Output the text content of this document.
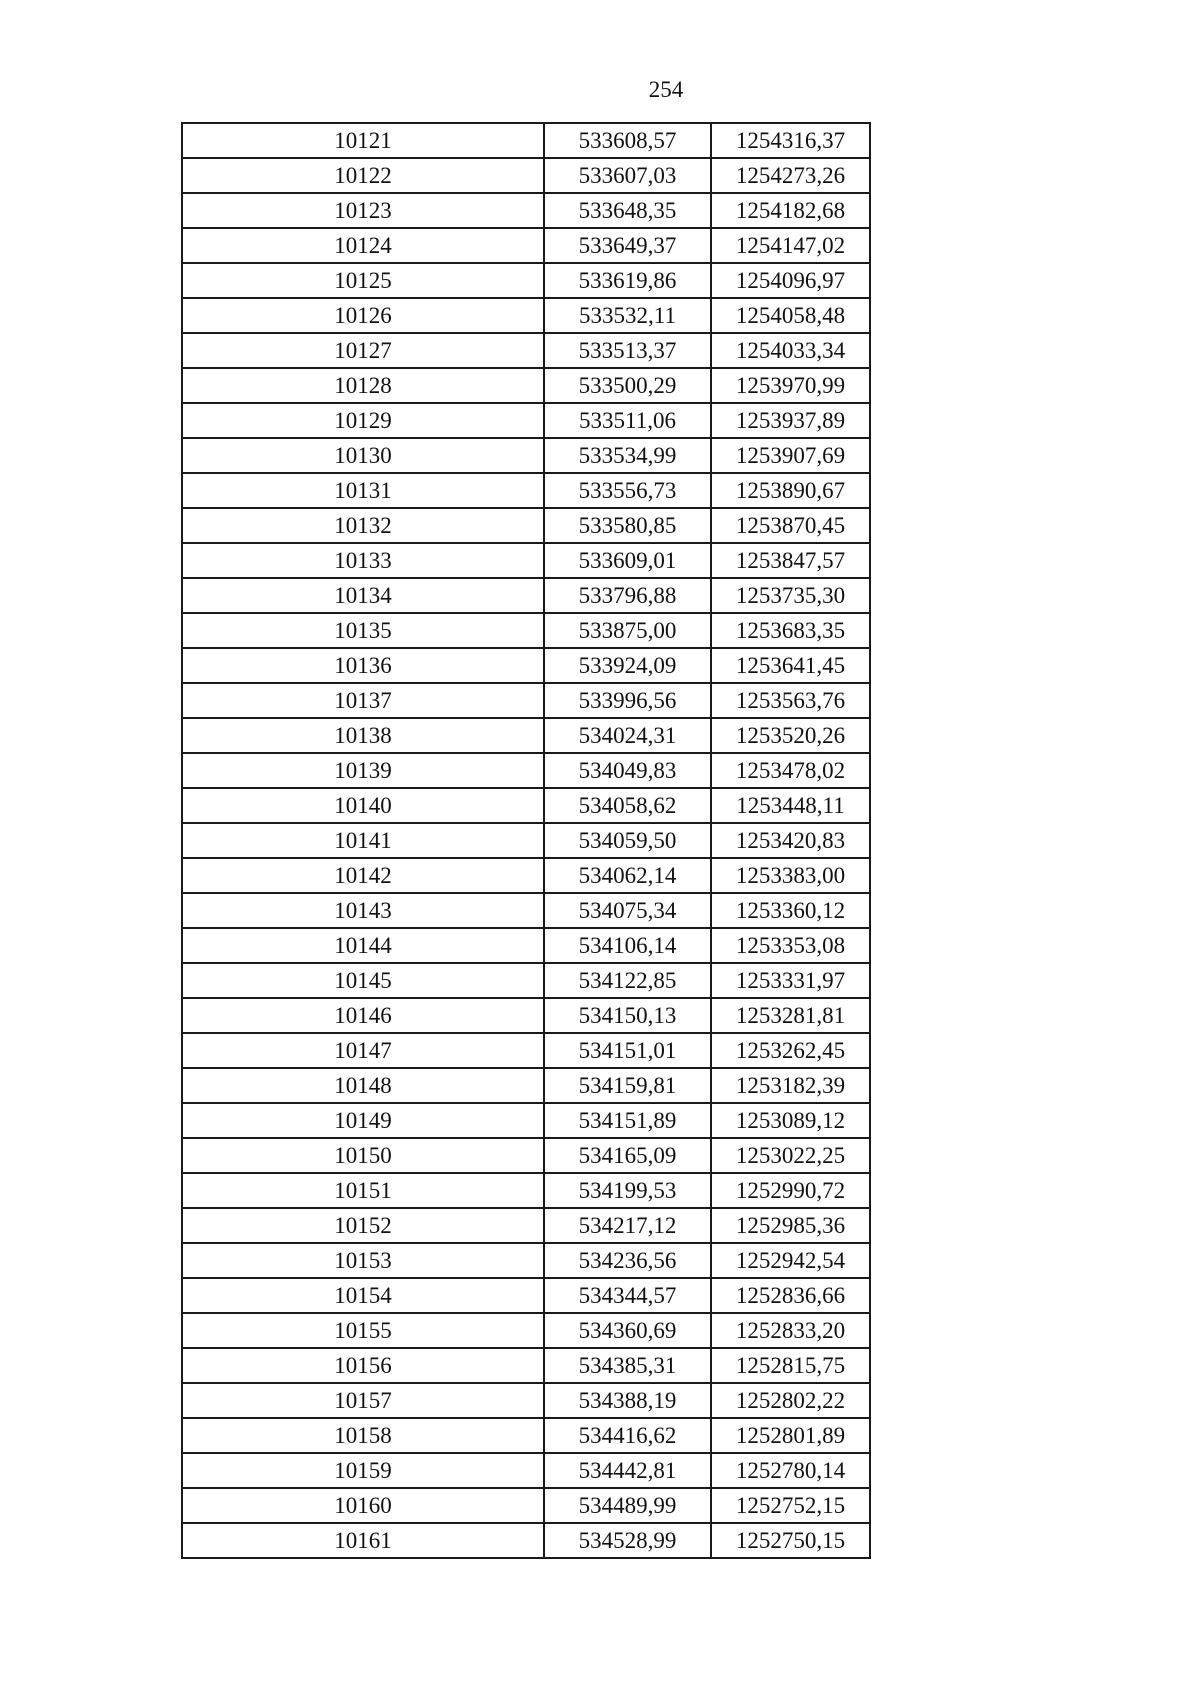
254
10121	533608,57	1254316,37
10122	533607,03	1254273,26
10123	533648,35	1254182,68
10124	533649,37	1254147,02
10125	533619,86	1254096,97
10126	533532,11	1254058,48
10127	533513,37	1254033,34
10128	533500,29	1253970,99
10129	533511,06	1253937,89
10130	533534,99	1253907,69
10131	533556,73	1253890,67
10132	533580,85	1253870,45
10133	533609,01	1253847,57
10134	533796,88	1253735,30
10135	533875,00	1253683,35
10136	533924,09	1253641,45
10137	533996,56	1253563,76
10138	534024,31	1253520,26
10139	534049,83	1253478,02
10140	534058,62	1253448,11
10141	534059,50	1253420,83
10142	534062,14	1253383,00
10143	534075,34	1253360,12
10144	534106,14	1253353,08
10145	534122,85	1253331,97
10146	534150,13	1253281,81
10147	534151,01	1253262,45
10148	534159,81	1253182,39
10149	534151,89	1253089,12
10150	534165,09	1253022,25
10151	534199,53	1252990,72
10152	534217,12	1252985,36
10153	534236,56	1252942,54
10154	534344,57	1252836,66
10155	534360,69	1252833,20
10156	534385,31	1252815,75
10157	534388,19	1252802,22
10158	534416,62	1252801,89
10159	534442,81	1252780,14
10160	534489,99	1252752,15
10161	534528,99	1252750,15
